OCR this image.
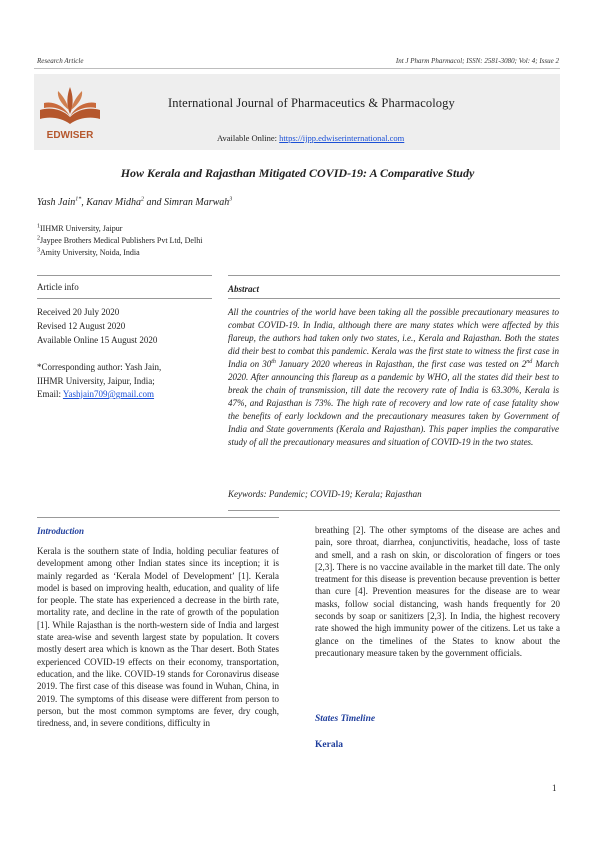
Research Article	Int J Pharm Pharmacol; ISSN: 2581-3080; Vol: 4; Issue 2
EDWISER
International Journal of Pharmaceutics & Pharmacology
Available Online: https://ijpp.edwiserinternational.com
How Kerala and Rajasthan Mitigated COVID-19: A Comparative Study
Yash Jain$^{1*}$, Kanav Midha$^2$ and Simran Marwah$^3$
$^1$IIHMR University, Jaipur
$^2$Jaypee Brothers Medical Publishers Pvt Ltd, Delhi
$^3$Amity University, Noida, India
Article info
Received 20 July 2020
Revised 12 August 2020
Available Online 15 August 2020
*Corresponding author: Yash Jain,
IIHMR University, Jaipur, India;
Email: Yashjain709@gmail.com
Abstract
All the countries of the world have been taking all the possible precautionary measures to combat COVID-19. In India, although there are many states which were affected by this flareup, the authors had taken only two states, i.e., Kerala and Rajasthan. Both the states did their best to combat this pandemic. Kerala was the first state to witness the first case in India on 30th January 2020 whereas in Rajasthan, the first case was tested on 2nd March 2020. After announcing this flareup as a pandemic by WHO, all the states did their best to break the chain of transmission, till date the recovery rate of India is 63.30%, Kerala is 47%, and Rajasthan is 73%. The high rate of recovery and low rate of case fatality show the benefits of early lockdown and the precautionary measures taken by Government of India and State governments (Kerala and Rajasthan). This paper implies the comparative study of all the precautionary measures and situation of COVID-19 in the two states.
Keywords: Pandemic; COVID-19; Kerala; Rajasthan
Introduction
Kerala is the southern state of India, holding peculiar features of development among other Indian states since its inception; it is mainly regarded as ‘Kerala Model of Development’ [1]. Kerala model is based on improving health, education, and quality of life for people. The state has experienced a decrease in the birth rate, mortality rate, and decline in the rate of growth of the population [1]. While Rajasthan is the north-western side of India and largest state area-wise and seventh largest state by population. It covers mostly desert area which is known as the Thar desert. Both States experienced COVID-19 effects on their economy, transportation, education, and the like. COVID-19 stands for Coronavirus disease 2019. The first case of this disease was found in Wuhan, China, in 2019. The symptoms of this disease were different from person to person, but the most common symptoms are fever, dry cough, tiredness, and, in severe conditions, difficulty in
breathing [2]. The other symptoms of the disease are aches and pain, sore throat, diarrhea, conjunctivitis, headache, loss of taste and smell, and a rash on skin, or discoloration of fingers or toes [2,3]. There is no vaccine available in the market till date. The only treatment for this disease is prevention because prevention is better than cure [4]. Prevention measures for the disease are to wear masks, follow social distancing, wash hands frequently for 20 seconds by soap or sanitizers [2,3]. In India, the highest recovery rate showed the high immunity power of the citizens. Let us take a glance on the timelines of the States to know about the precautionary measure taken by the government officials.
States Timeline
Kerala
1
